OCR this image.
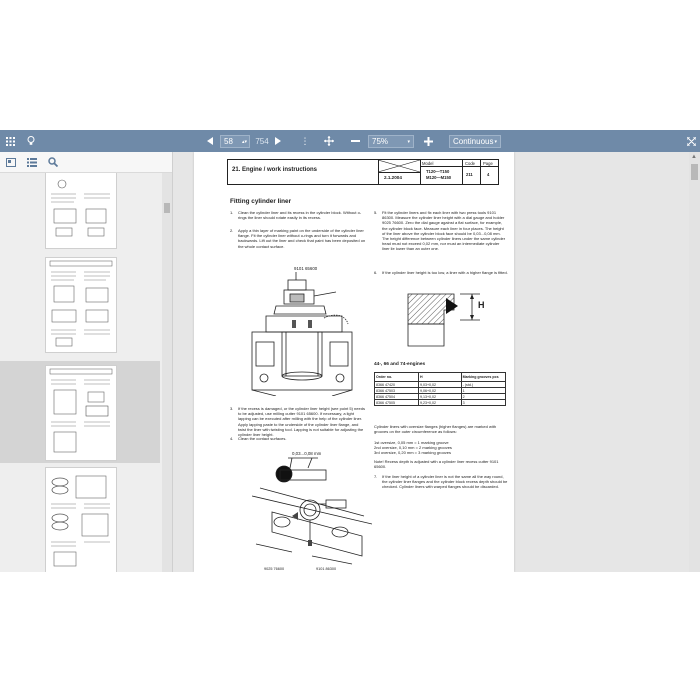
58 ▴▾ 754	⋮	75%	▾	Continuous ▾
21. Engine / work instructions
2.1.2004
Model
T120—T150
M120—M150
Code
211
Page
4
Fitting cylinder liner
1. Clean the cylinder liner and its recess in the cylinder block. Without o-rings the liner should rotate easily in its recess.
2. Apply a thin layer of marking paint on the underside of the cylinder liner flange. Fit the cylinder liner without o-rings and turn it forwards and backwards. Lift out the liner and check that paint has been deposited on the whole contact surface.
9101 65600
3. If the recess is damaged, or the cylinder liner height (see point 5) needs to be adjusted, use milling cutter 9101 65600. If necessary, a light lapping can be executed after milling with the help of the cylinder liner. Apply lapping paste to the underside of the cylinder liner flange, and twist the liner with twisting tool. Lapping is not suitable for adjusting the cylinder liner height.
4. Clean the contact surfaces.
0,03...0,08 mm
9025 76600	9101 86300
5. Fit the cylinder liners and fix each liner with two press tools 9101 86300. Measure the cylinder liner height with a dial gauge and holder 9025 76600. Zero the dial gauge against a flat surface, for example, the cylinder block face. Measure each liner in four places. The height of the liner above the cylinder block face should be 0,03...0,08 mm. The height difference between cylinder liners under the same cylinder head must not exceed 0,02 mm, nor must an intermediate cylinder liner lie lower than an outer one.
6. If the cylinder liner height is too low, a liner with a higher flange is fitted.
H
44-, 66 and 74-engines
Order no.	H	Marking grooves pcs
8366 47420	9,03+0,02	- (std.)
8366 47503	9,06+0,02	1
8366 47504	9,13+0,02	2
8366 47505	9,23+0,02	3
Cylinder liners with oversize flanges (higher flanges) are marked with grooves on the outer circumference as follows:
1st oversize, 0,05 mm = 1 marking groove
2nd oversize, 0,10 mm = 2 marking grooves
3rd oversize, 0,20 mm = 3 marking grooves
Note! Recess depth is adjusted with a cylinder liner recess cutter 9101 65600.
7. If the liner height of a cylinder liner is not the same all the way round, the cylinder liner flanges and the cylinder block recess depth should be checked. Cylinder liners with warped flanges should be discarded.
▲
